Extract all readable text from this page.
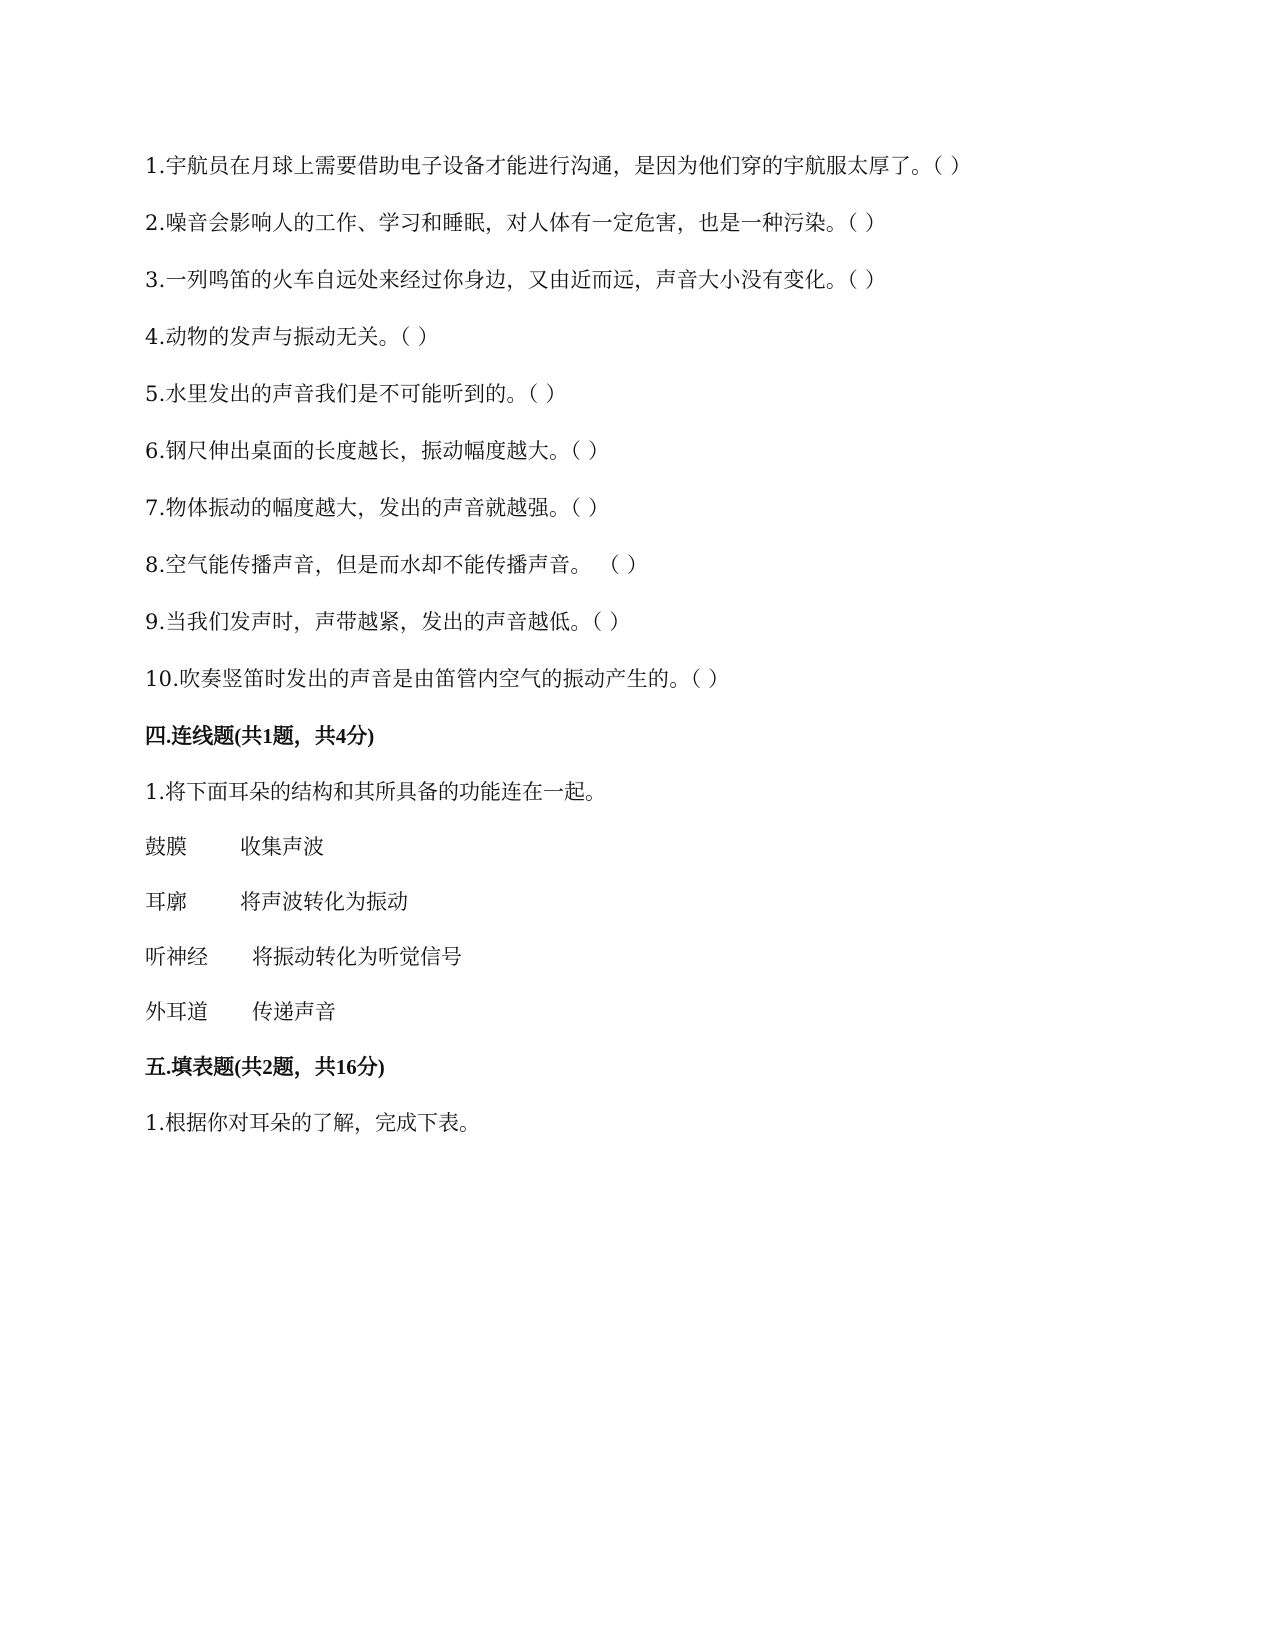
1.宇航员在月球上需要借助电子设备才能进行沟通，是因为他们穿的宇航服太厚了。（ ）
2.噪音会影响人的工作、学习和睡眠，对人体有一定危害，也是一种污染。（ ）
3.一列鸣笛的火车自远处来经过你身边，又由近而远，声音大小没有变化。（ ）
4.动物的发声与振动无关。（ ）
5.水里发出的声音我们是不可能听到的。（ ）
6.钢尺伸出桌面的长度越长，振动幅度越大。（ ）
7.物体振动的幅度越大，发出的声音就越强。（ ）
8.空气能传播声音，但是而水却不能传播声音。 （ ）
9.当我们发声时，声带越紧，发出的声音越低。（ ）
10.吹奏竖笛时发出的声音是由笛管内空气的振动产生的。（ ）
四.连线题(共1题，共4分)
1.将下面耳朵的结构和其所具备的功能连在一起。
鼓膜	收集声波
耳廓	将声波转化为振动
听神经	将振动转化为听觉信号
外耳道	传递声音
五.填表题(共2题，共16分)
1.根据你对耳朵的了解，完成下表。
